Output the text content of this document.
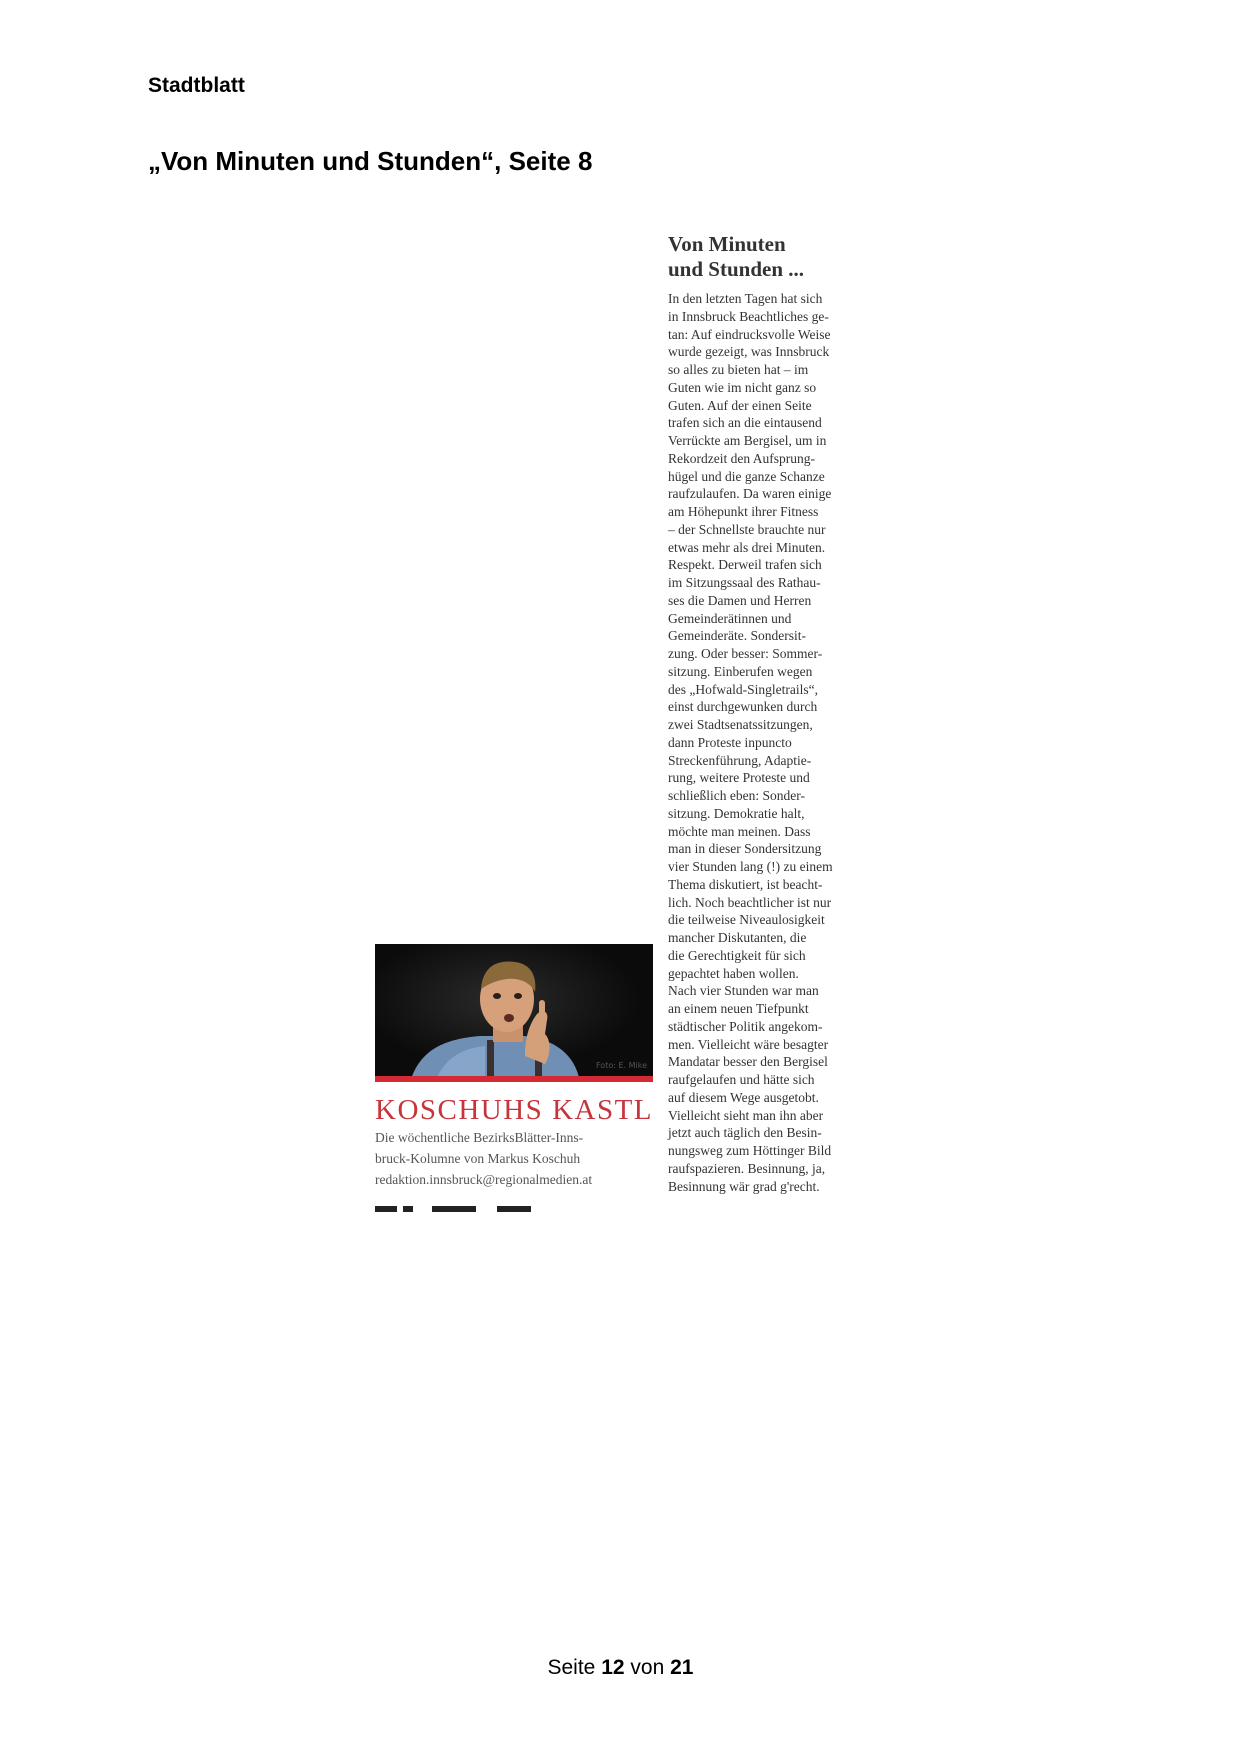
Stadtblatt
„Von Minuten und Stunden“, Seite 8
Foto: E. Mike
KOSCHUHS KASTL
Die wöchentliche BezirksBlätter-Inns-
bruck-Kolumne von Markus Koschuh
redaktion.innsbruck@regionalmedien.at
Von Minuten
und Stunden ...
In den letzten Tagen hat sich
in Innsbruck Beachtliches ge-
tan: Auf eindrucksvolle Weise
wurde gezeigt, was Innsbruck
so alles zu bieten hat – im
Guten wie im nicht ganz so
Guten. Auf der einen Seite
trafen sich an die eintausend
Verrückte am Bergisel, um in
Rekordzeit den Aufsprung-
hügel und die ganze Schanze
raufzulaufen. Da waren einige
am Höhepunkt ihrer Fitness
– der Schnellste brauchte nur
etwas mehr als drei Minuten.
Respekt. Derweil trafen sich
im Sitzungssaal des Rathau-
ses die Damen und Herren
Gemeinderätinnen und
Gemeinderäte. Sondersit-
zung. Oder besser: Sommer-
sitzung. Einberufen wegen
des „Hofwald-Singletrails“,
einst durchgewunken durch
zwei Stadtsenatssitzungen,
dann Proteste inpuncto
Streckenführung, Adaptie-
rung, weitere Proteste und
schließlich eben: Sonder-
sitzung. Demokratie halt,
möchte man meinen. Dass
man in dieser Sondersitzung
vier Stunden lang (!) zu einem
Thema diskutiert, ist beacht-
lich. Noch beachtlicher ist nur
die teilweise Niveaulosigkeit
mancher Diskutanten, die
die Gerechtigkeit für sich
gepachtet haben wollen.
Nach vier Stunden war man
an einem neuen Tiefpunkt
städtischer Politik angekom-
men. Vielleicht wäre besagter
Mandatar besser den Bergisel
raufgelaufen und hätte sich
auf diesem Wege ausgetobt.
Vielleicht sieht man ihn aber
jetzt auch täglich den Besin-
nungsweg zum Höttinger Bild
raufspazieren. Besinnung, ja,
Besinnung wär grad g'recht.
Seite 12 von 21
